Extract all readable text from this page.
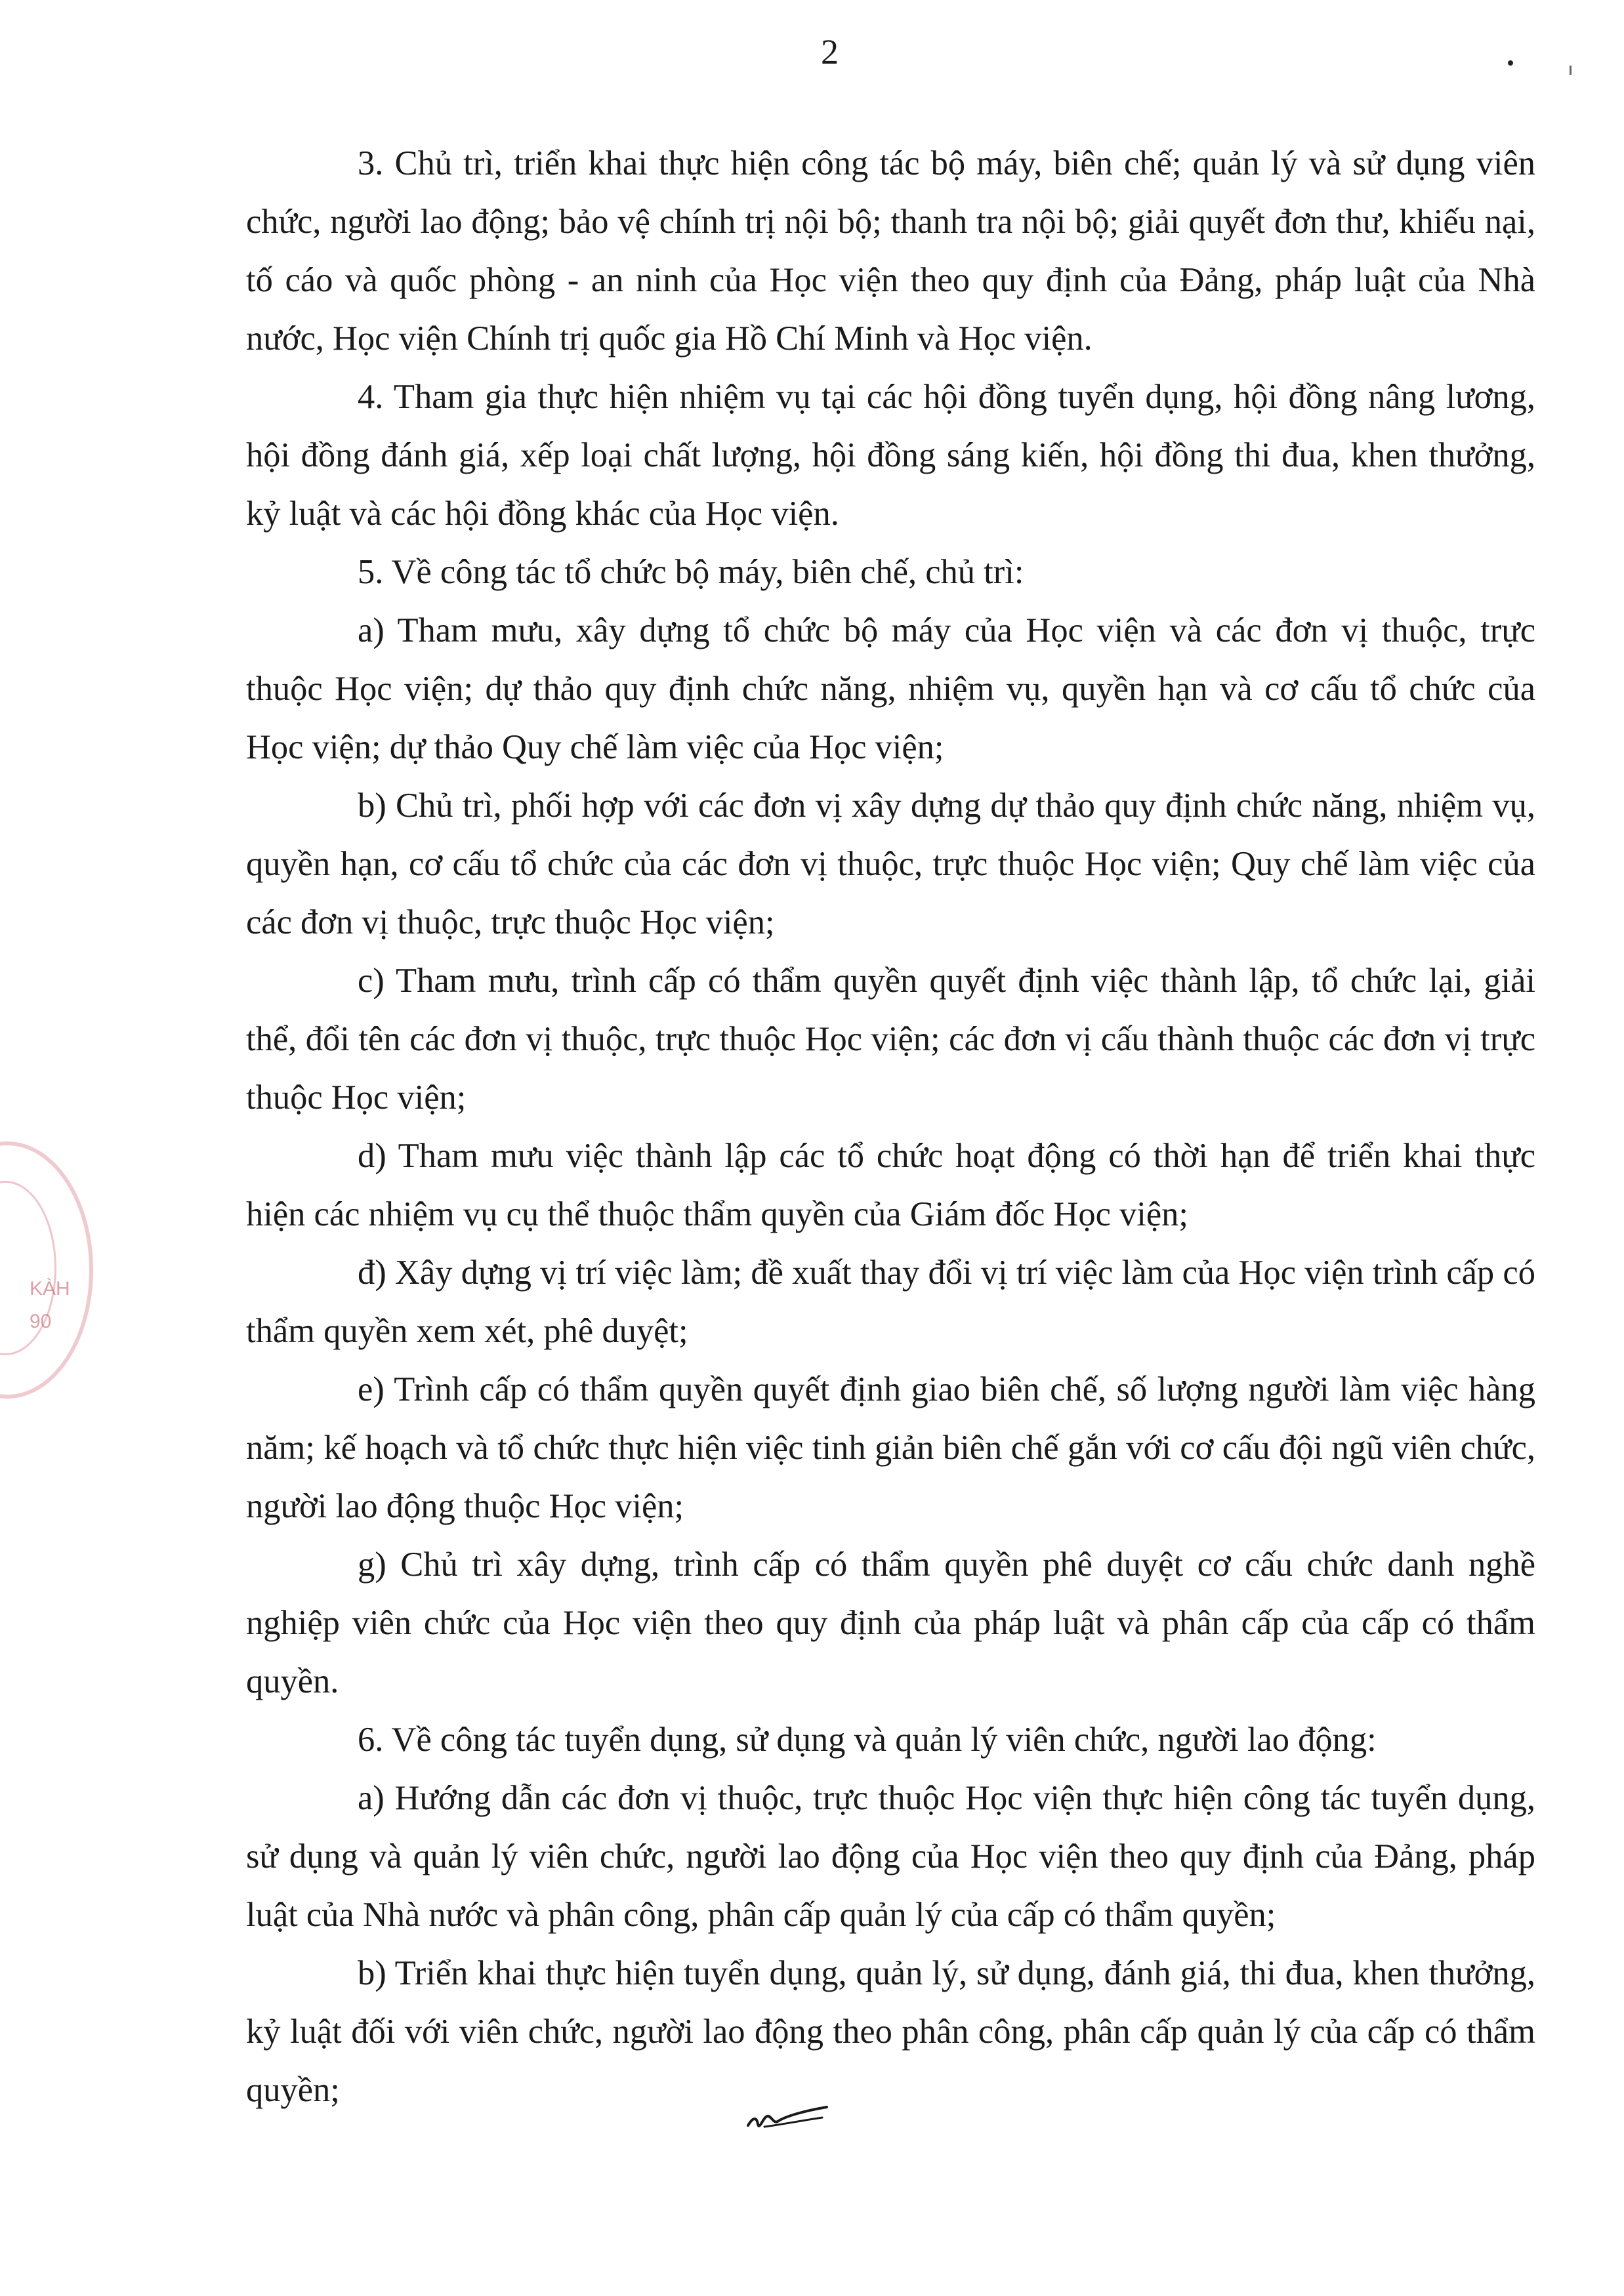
2
KÀH
90

3. Chủ trì, triển khai thực hiện công tác bộ máy, biên chế; quản lý và sử dụng viên chức, người lao động; bảo vệ chính trị nội bộ; thanh tra nội bộ; giải quyết đơn thư, khiếu nại, tố cáo và quốc phòng - an ninh của Học viện theo quy định của Đảng, pháp luật của Nhà nước, Học viện Chính trị quốc gia Hồ Chí Minh và Học viện.

4. Tham gia thực hiện nhiệm vụ tại các hội đồng tuyển dụng, hội đồng nâng lương, hội đồng đánh giá, xếp loại chất lượng, hội đồng sáng kiến, hội đồng thi đua, khen thưởng, kỷ luật và các hội đồng khác của Học viện.

5. Về công tác tổ chức bộ máy, biên chế, chủ trì:

a) Tham mưu, xây dựng tổ chức bộ máy của Học viện và các đơn vị thuộc, trực thuộc Học viện; dự thảo quy định chức năng, nhiệm vụ, quyền hạn và cơ cấu tổ chức của Học viện; dự thảo Quy chế làm việc của Học viện;

b) Chủ trì, phối hợp với các đơn vị xây dựng dự thảo quy định chức năng, nhiệm vụ, quyền hạn, cơ cấu tổ chức của các đơn vị thuộc, trực thuộc Học viện; Quy chế làm việc của các đơn vị thuộc, trực thuộc Học viện;

c) Tham mưu, trình cấp có thẩm quyền quyết định việc thành lập, tổ chức lại, giải thể, đổi tên các đơn vị thuộc, trực thuộc Học viện; các đơn vị cấu thành thuộc các đơn vị trực thuộc Học viện;

d) Tham mưu việc thành lập các tổ chức hoạt động có thời hạn để triển khai thực hiện các nhiệm vụ cụ thể thuộc thẩm quyền của Giám đốc Học viện;

đ) Xây dựng vị trí việc làm; đề xuất thay đổi vị trí việc làm của Học viện trình cấp có thẩm quyền xem xét, phê duyệt;

e) Trình cấp có thẩm quyền quyết định giao biên chế, số lượng người làm việc hàng năm; kế hoạch và tổ chức thực hiện việc tinh giản biên chế gắn với cơ cấu đội ngũ viên chức, người lao động thuộc Học viện;

g) Chủ trì xây dựng, trình cấp có thẩm quyền phê duyệt cơ cấu chức danh nghề nghiệp viên chức của Học viện theo quy định của pháp luật và phân cấp của cấp có thẩm quyền.

6. Về công tác tuyển dụng, sử dụng và quản lý viên chức, người lao động:

a) Hướng dẫn các đơn vị thuộc, trực thuộc Học viện thực hiện công tác tuyển dụng, sử dụng và quản lý viên chức, người lao động của Học viện theo quy định của Đảng, pháp luật của Nhà nước và phân công, phân cấp quản lý của cấp có thẩm quyền;

b) Triển khai thực hiện tuyển dụng, quản lý, sử dụng, đánh giá, thi đua, khen thưởng, kỷ luật đối với viên chức, người lao động theo phân công, phân cấp quản lý của cấp có thẩm quyền;
